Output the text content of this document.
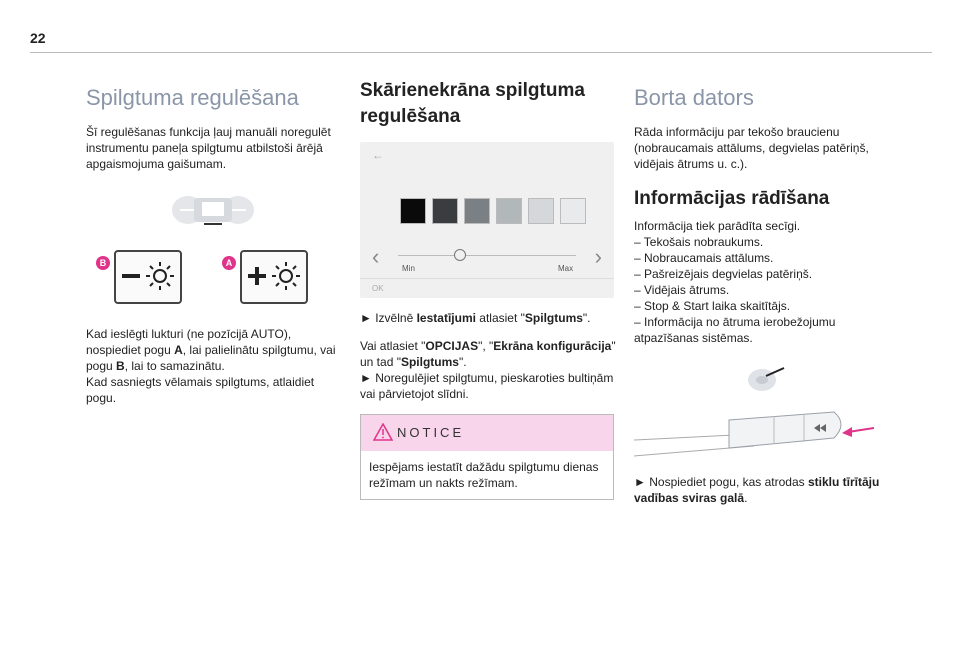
22
Spilgtuma regulēšana

Šī regulēšanas funkcija ļauj manuāli noregulēt instrumentu paneļa spilgtumu atbilstoši ārējā apgaismojuma gaišumam.

B	A

Kad ieslēgti lukturi (ne pozīcijā AUTO), nospiediet pogu A, lai palielinātu spilgtumu, vai pogu B, lai to samazinātu.

Kad sasniegts vēlamais spilgtums, atlaidiet pogu.

Skārienekrāna spilgtuma regulēšana
←
‹	›
Min	Max
OK

► Izvēlnē Iestatījumi atlasiet "Spilgtums".

Vai atlasiet "OPCIJAS", "Ekrāna konfigurācija" un tad "Spilgtums".

► Noregulējiet spilgtumu, pieskaroties bultiņām vai pārvietojot slīdni.

NOTICE

Iespējams iestatīt dažādu spilgtumu dienas režīmam un nakts režīmam.

Borta dators

Rāda informāciju par tekošo braucienu (nobraucamais attālums, degvielas patēriņš, vidējais ātrums u. c.).

Informācijas rādīšana

Informācija tiek parādīta secīgi.

– Tekošais nobraukums.

– Nobraucamais attālums.

– Pašreizējais degvielas patēriņš.

– Vidējais ātrums.

– Stop & Start laika skaitītājs.

– Informācija no ātruma ierobežojumu atpazīšanas sistēmas.

► Nospiediet pogu, kas atrodas stiklu tīrītāju vadības sviras galā.
